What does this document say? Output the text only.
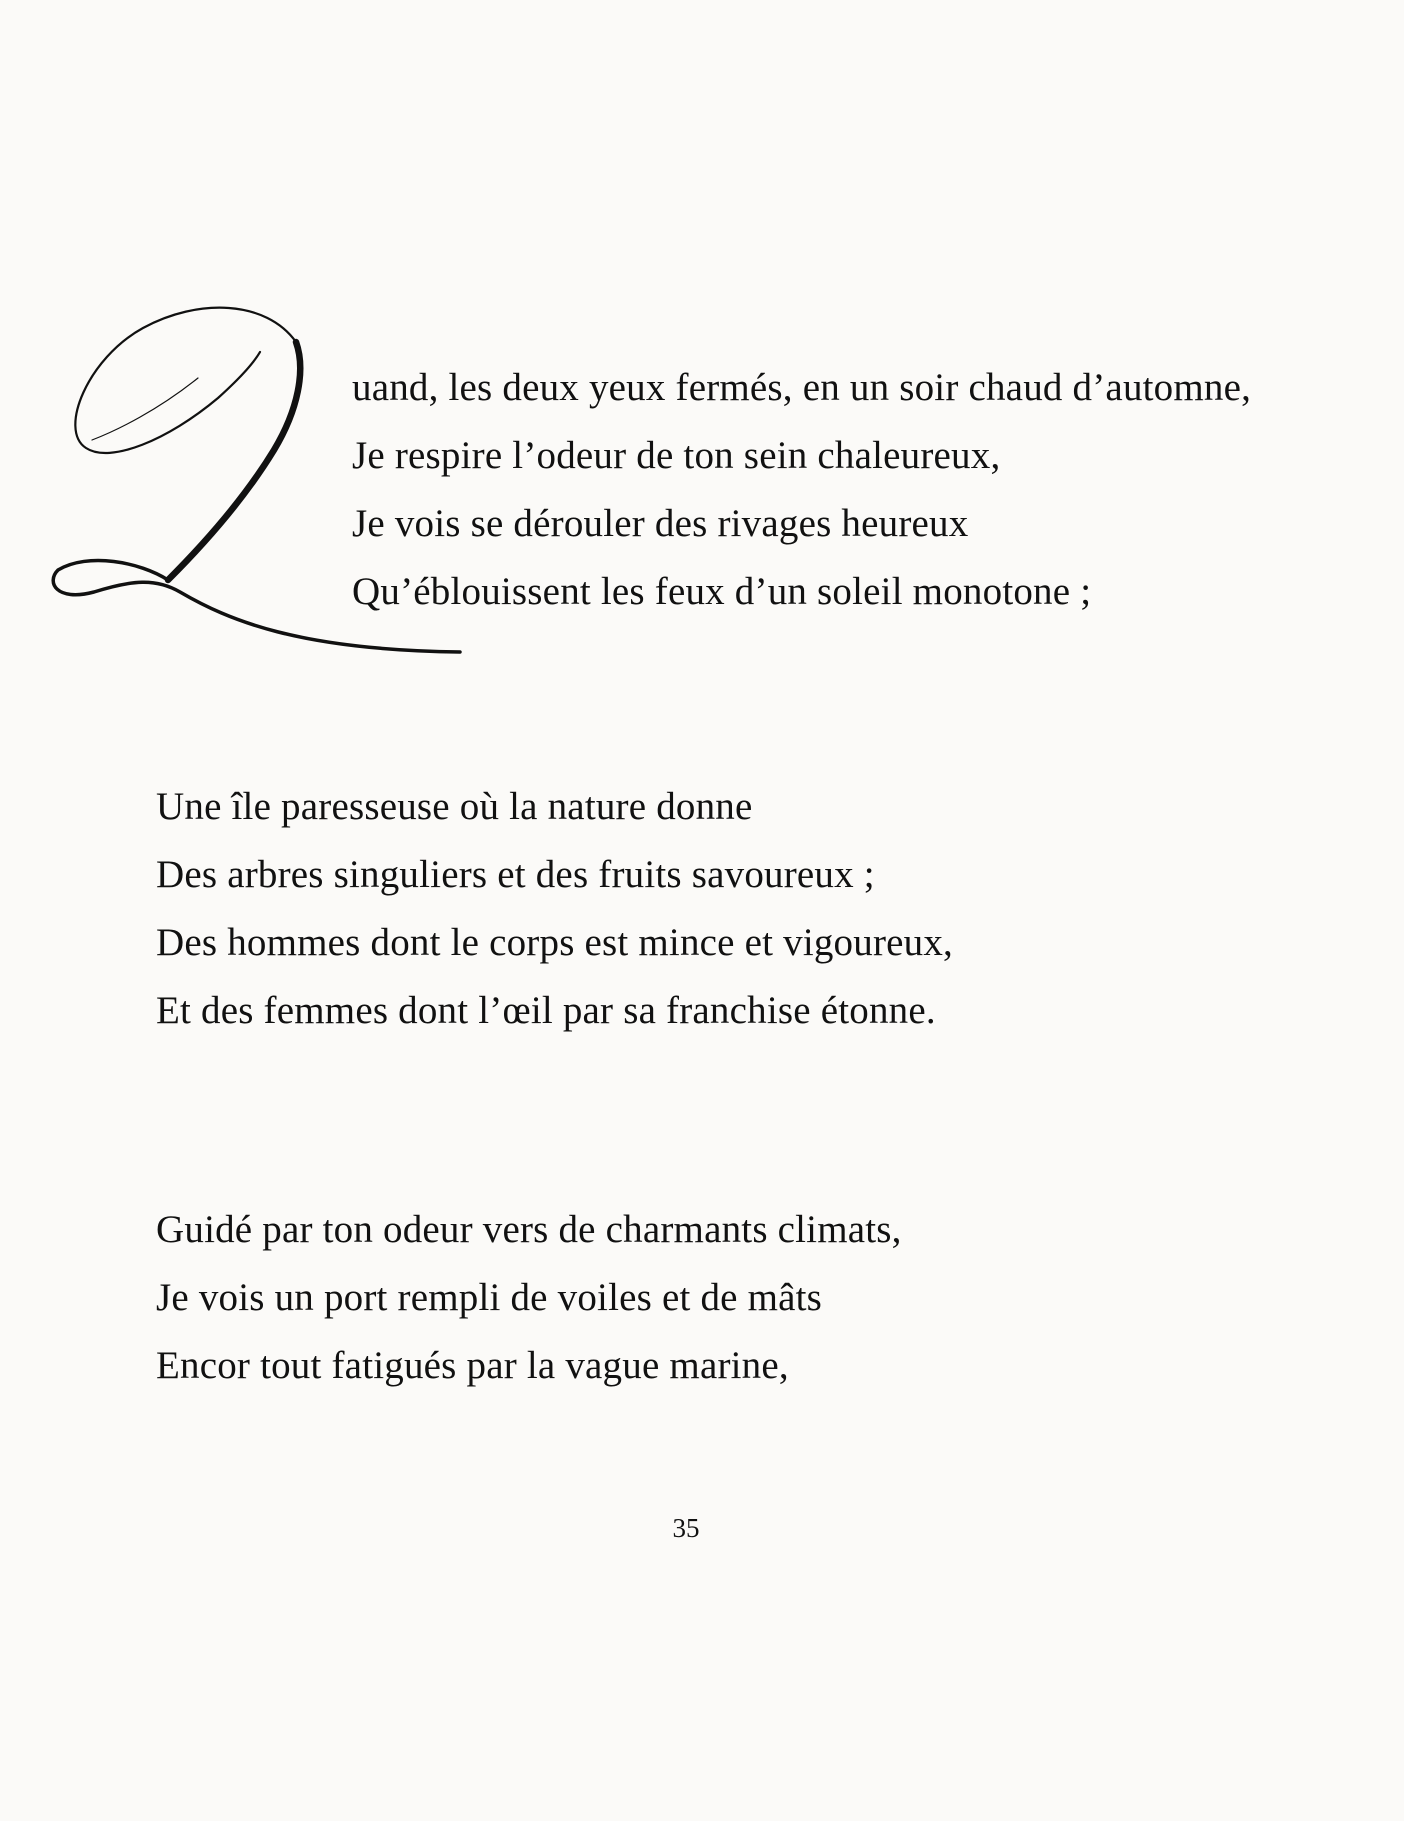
uand, les deux yeux fermés, en un soir chaud d’automne,
Je respire l’odeur de ton sein chaleureux,
Je vois se dérouler des rivages heureux
Qu’éblouissent les feux d’un soleil monotone ;
Une île paresseuse où la nature donne
Des arbres singuliers et des fruits savoureux ;
Des hommes dont le corps est mince et vigoureux,
Et des femmes dont l’œil par sa franchise étonne.
Guidé par ton odeur vers de charmants climats,
Je vois un port rempli de voiles et de mâts
Encor tout fatigués par la vague marine,
35
